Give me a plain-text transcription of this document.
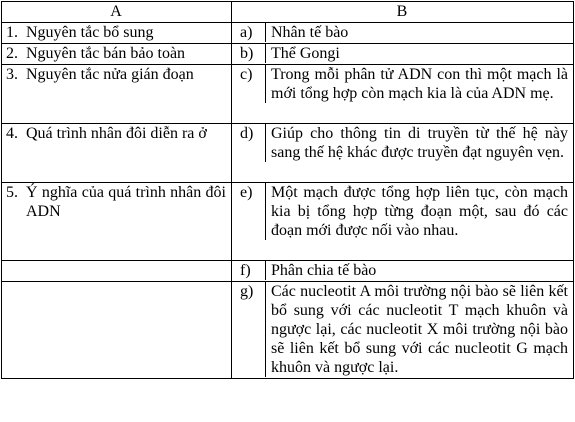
A	B

1. Nguyên tắc bổ sung	a) Nhân tế bào

2. Nguyên tắc bán bảo toàn	b) Thể Gongi

3. Nguyên tắc nửa gián đoạn	c) Trong mỗi phân tử ADN con thì một mạch là mới tổng hợp còn mạch kia là của ADN mẹ.

4. Quá trình nhân đôi diễn ra ở	d) Giúp cho thông tin di truyền từ thế hệ này sang thế hệ khác được truyền đạt nguyên vẹn.

5. Ý nghĩa của quá trình nhân đôi ADN	e) Một mạch được tổng hợp liên tục, còn mạch kia bị tổng hợp từng đoạn một, sau đó các đoạn mới được nối vào nhau.

	f) Phân chia tế bào

	g) Các nucleotit A môi trường nội bào sẽ liên kết bổ sung với các nucleotit T mạch khuôn và ngược lại, các nucleotit X môi trường nội bào sẽ liên kết bổ sung với các nucleotit G mạch khuôn và ngược lại.
